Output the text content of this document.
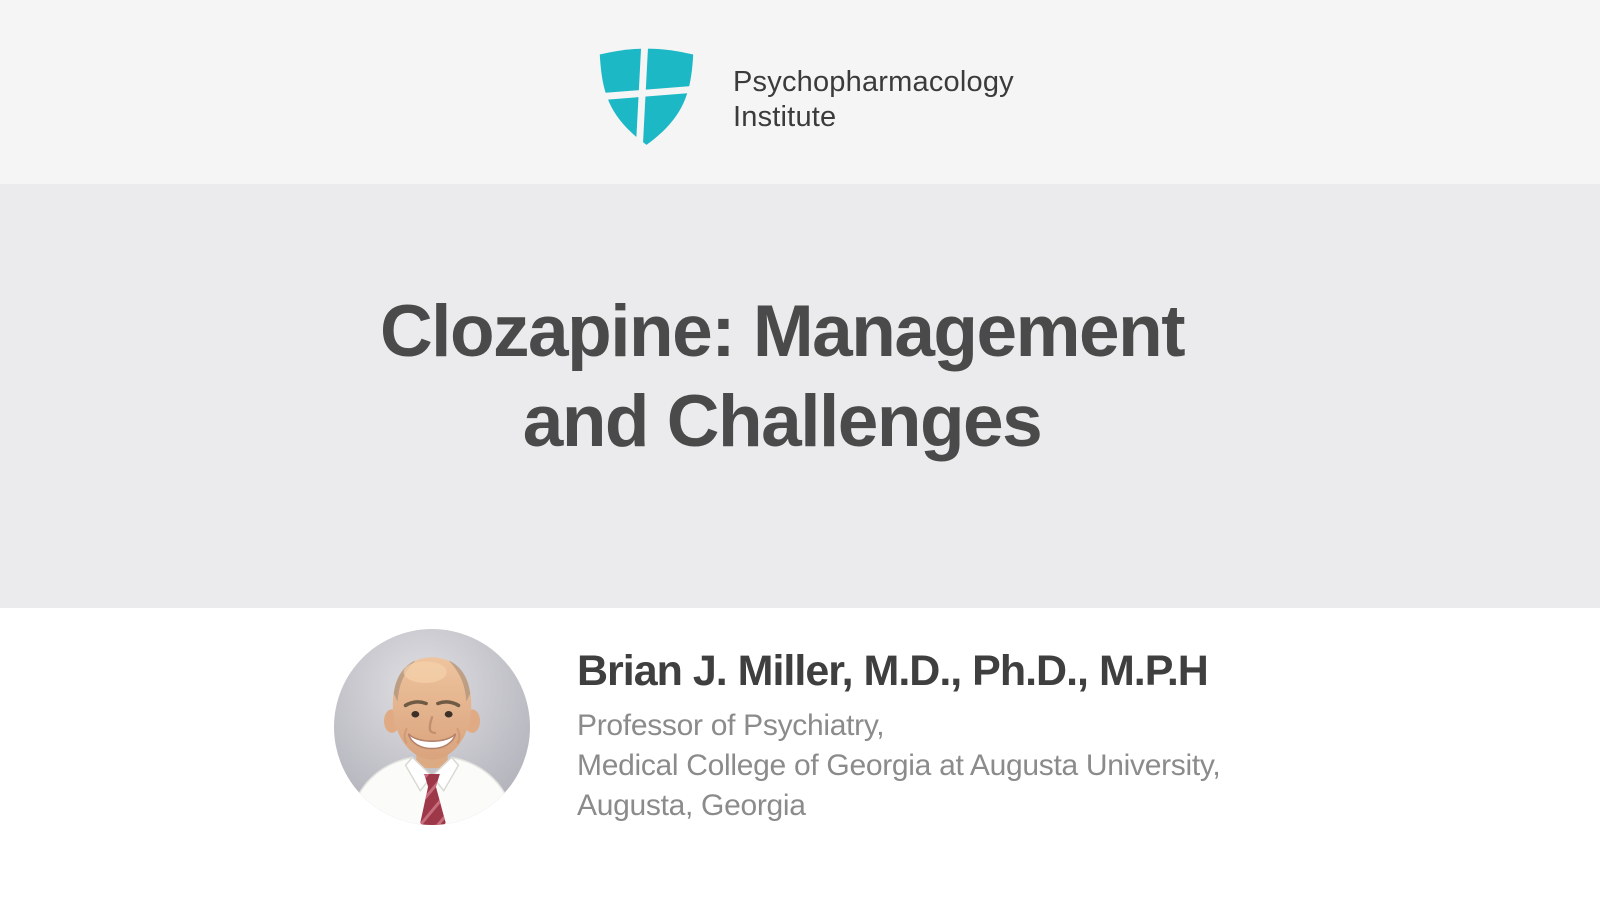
Psychopharmacology
Institute
Clozapine: Management
and Challenges
Brian J. Miller, M.D., Ph.D., M.P.H
Professor of Psychiatry,
Medical College of Georgia at Augusta University,
Augusta, Georgia
